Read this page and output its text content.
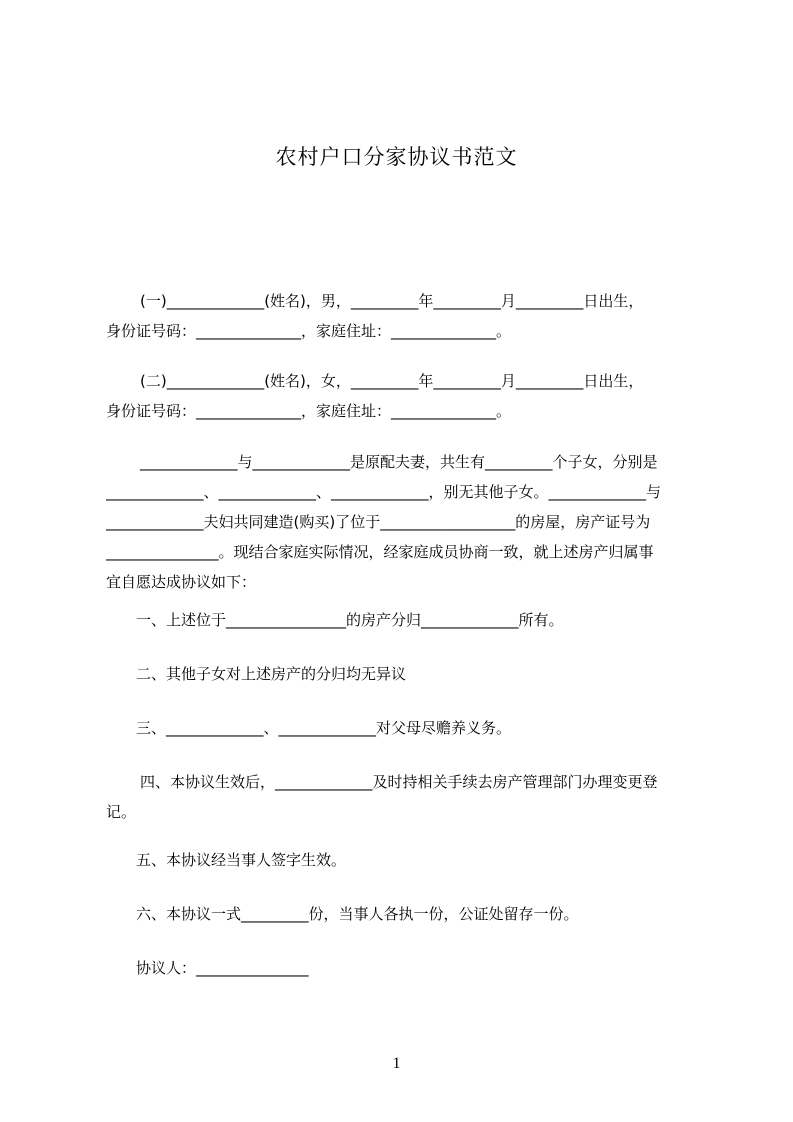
农村户口分家协议书范文
(一)_____________(姓名)，男，_________年_________月_________日出生，
身份证号码：______________，家庭住址：______________。
(二)_____________(姓名)，女，_________年_________月_________日出生，
身份证号码：______________，家庭住址：______________。
_____________与_____________是原配夫妻，共生有_________个子女，分别是
_____________、_____________、_____________，别无其他子女。_____________与
_____________夫妇共同建造(购买)了位于__________________的房屋，房产证号为
_______________。现结合家庭实际情况，经家庭成员协商一致，就上述房产归属事
宜自愿达成协议如下：
一、上述位于________________的房产分归_____________所有。
二、其他子女对上述房产的分归均无异议
三、_____________、_____________对父母尽赡养义务。
四、本协议生效后，_____________及时持相关手续去房产管理部门办理变更登
记。
五、本协议经当事人签字生效。
六、本协议一式_________份，当事人各执一份，公证处留存一份。
协议人：_______________
1
